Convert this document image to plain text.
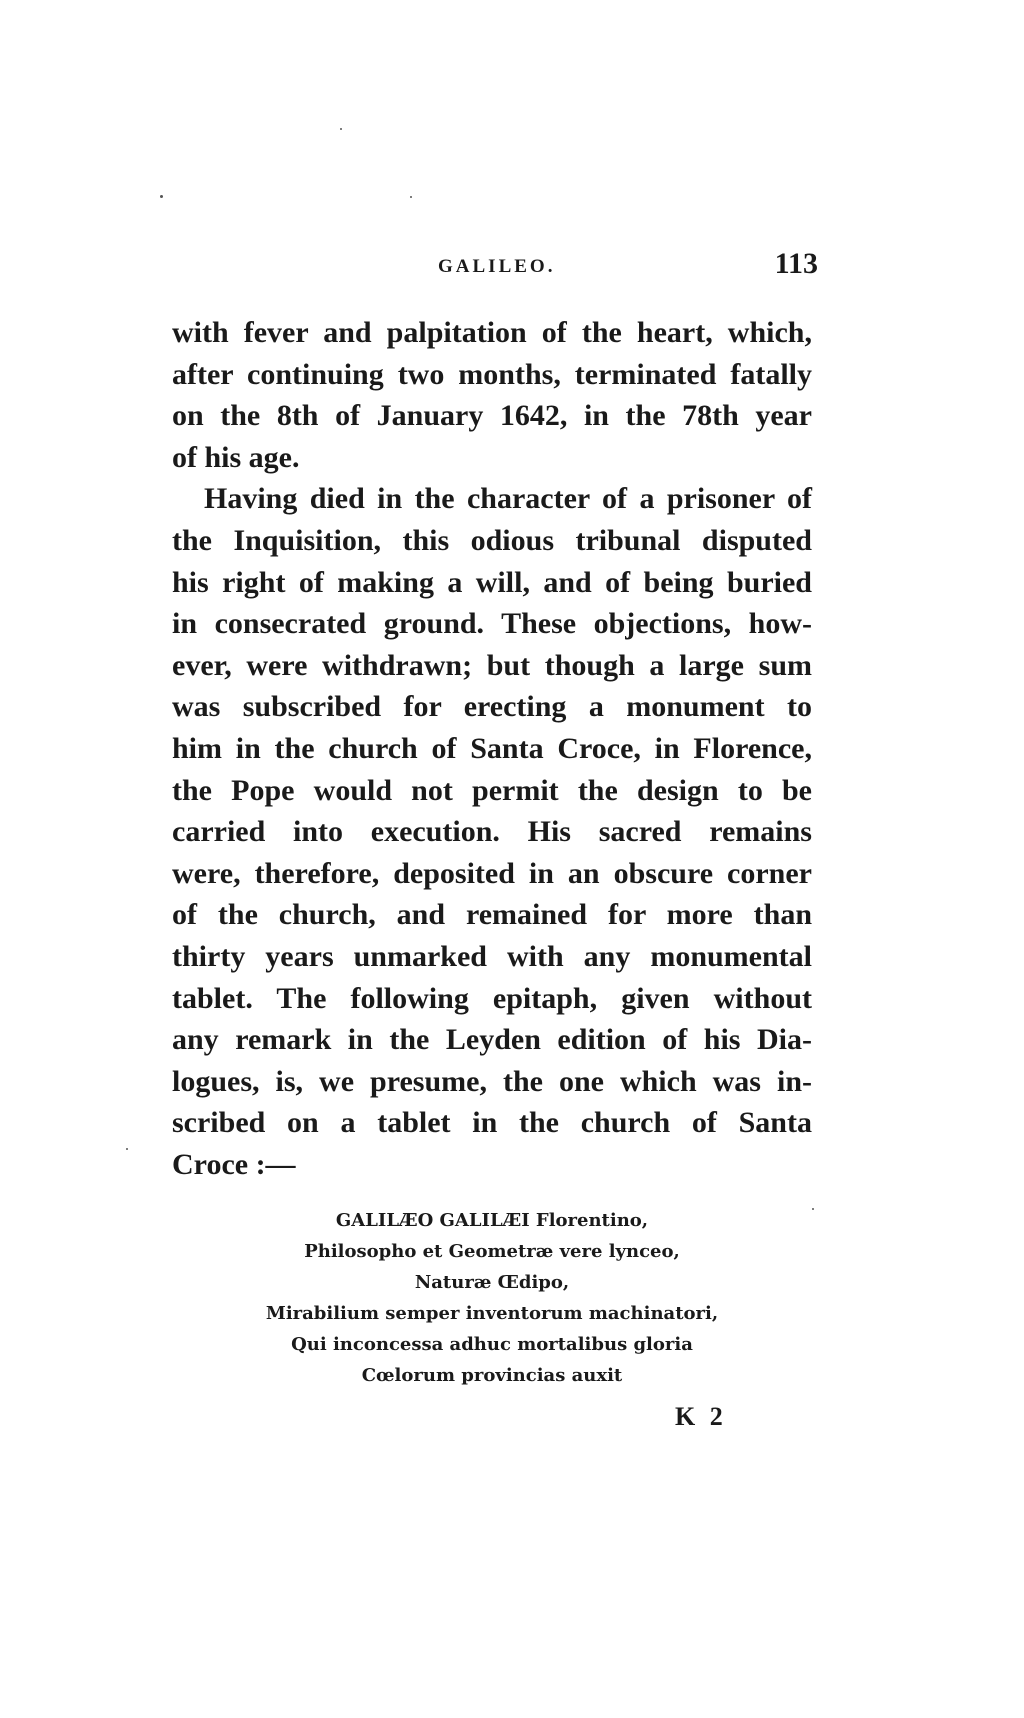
GALILEO.	113
with fever and palpitation of the heart, which,
after continuing two months, terminated fatally
on the 8th of January 1642, in the 78th year
of his age.
Having died in the character of a prisoner of
the Inquisition, this odious tribunal disputed
his right of making a will, and of being buried
in consecrated ground. These objections, how-
ever, were withdrawn; but though a large sum
was subscribed for erecting a monument to
him in the church of Santa Croce, in Florence,
the Pope would not permit the design to be
carried into execution. His sacred remains
were, therefore, deposited in an obscure corner
of the church, and remained for more than
thirty years unmarked with any monumental
tablet. The following epitaph, given without
any remark in the Leyden edition of his Dia-
logues, is, we presume, the one which was in-
scribed on a tablet in the church of Santa
Croce :—
GALILÆO GALILÆI Florentino,
Philosopho et Geometræ vere lynceo,
Naturæ Œdipo,
Mirabilium semper inventorum machinatori,
Qui inconcessa adhuc mortalibus gloria
Cœlorum provincias auxit
K 2
